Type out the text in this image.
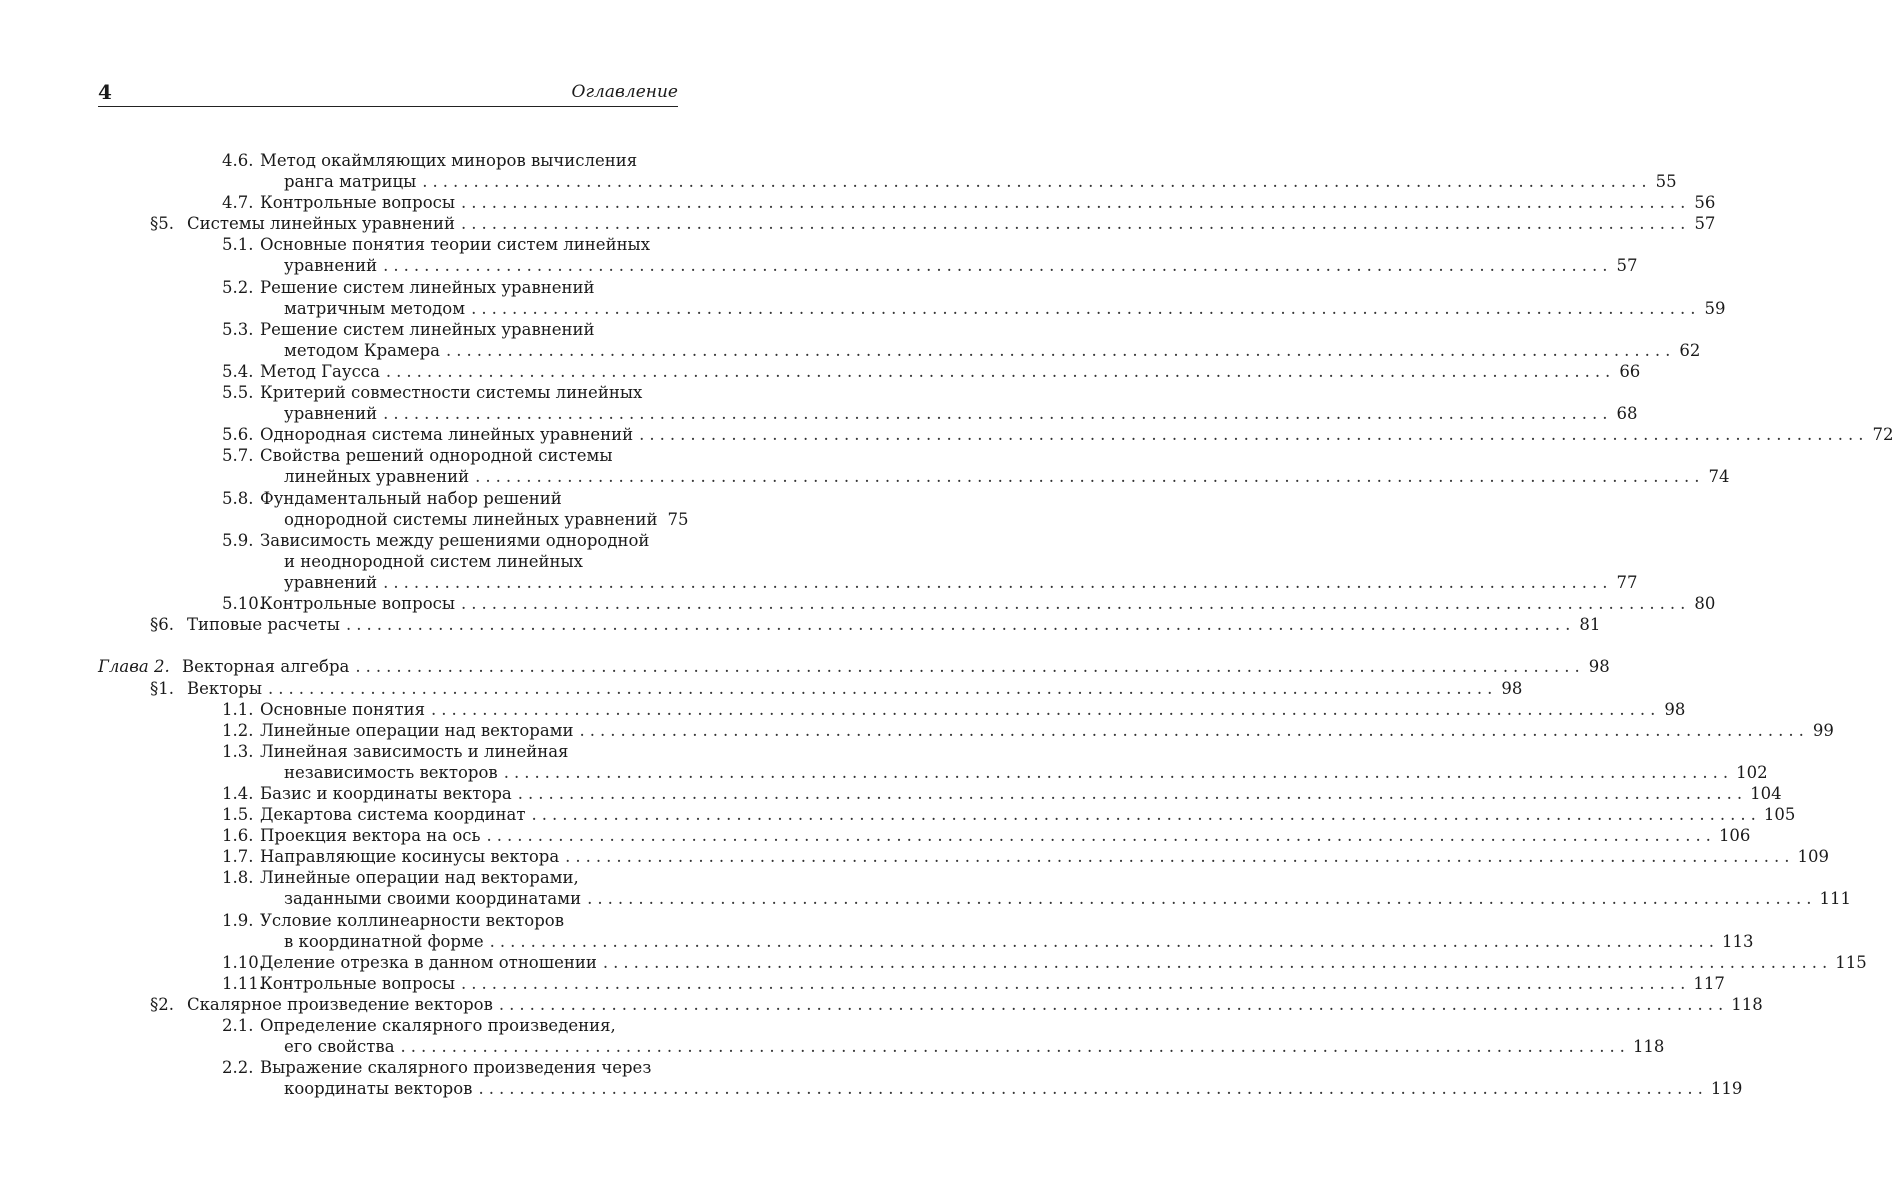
4	Оглавление
4.6. Метод окаймляющих миноров вычисления
ранга матрицы ........................................................................................................................ 55
4.7. Контрольные вопросы ........................................................................................................................ 56
§5. Системы линейных уравнений ........................................................................................................................ 57
5.1. Основные понятия теории систем линейных
уравнений ........................................................................................................................ 57
5.2. Решение систем линейных уравнений
матричным методом ........................................................................................................................ 59
5.3. Решение систем линейных уравнений
методом Крамера ........................................................................................................................ 62
5.4. Метод Гаусса ........................................................................................................................ 66
5.5. Критерий совместности системы линейных
уравнений ........................................................................................................................ 68
5.6. Однородная система линейных уравнений ........................................................................................................................ 72
5.7. Свойства решений однородной системы
линейных уравнений ........................................................................................................................ 74
5.8. Фундаментальный набор решений
однородной системы линейных уравнений 75
5.9. Зависимость между решениями однородной
и неоднородной систем линейных
уравнений ........................................................................................................................ 77
5.10.
Контрольные вопросы ........................................................................................................................ 80
§6. Типовые расчеты ........................................................................................................................ 81
Глава 2. Векторная алгебра ........................................................................................................................ 98
§1. Векторы ........................................................................................................................ 98
1.1. Основные понятия ........................................................................................................................ 98
1.2. Линейные операции над векторами ........................................................................................................................ 99
1.3. Линейная зависимость и линейная
независимость векторов ........................................................................................................................ 102
1.4. Базис и координаты вектора ........................................................................................................................ 104
1.5. Декартова система координат ........................................................................................................................ 105
1.6. Проекция вектора на ось ........................................................................................................................ 106
1.7. Направляющие косинусы вектора ........................................................................................................................ 109
1.8. Линейные операции над векторами,
заданными своими координатами ........................................................................................................................ 111
1.9. Условие коллинеарности векторов
в координатной форме ........................................................................................................................ 113
1.10.
Деление отрезка в данном отношении ........................................................................................................................ 115
1.11.
Контрольные вопросы ........................................................................................................................ 117
§2. Скалярное произведение векторов ........................................................................................................................ 118
2.1. Определение скалярного произведения,
его свойства ........................................................................................................................ 118
2.2. Выражение скалярного произведения через
координаты векторов ........................................................................................................................ 119
